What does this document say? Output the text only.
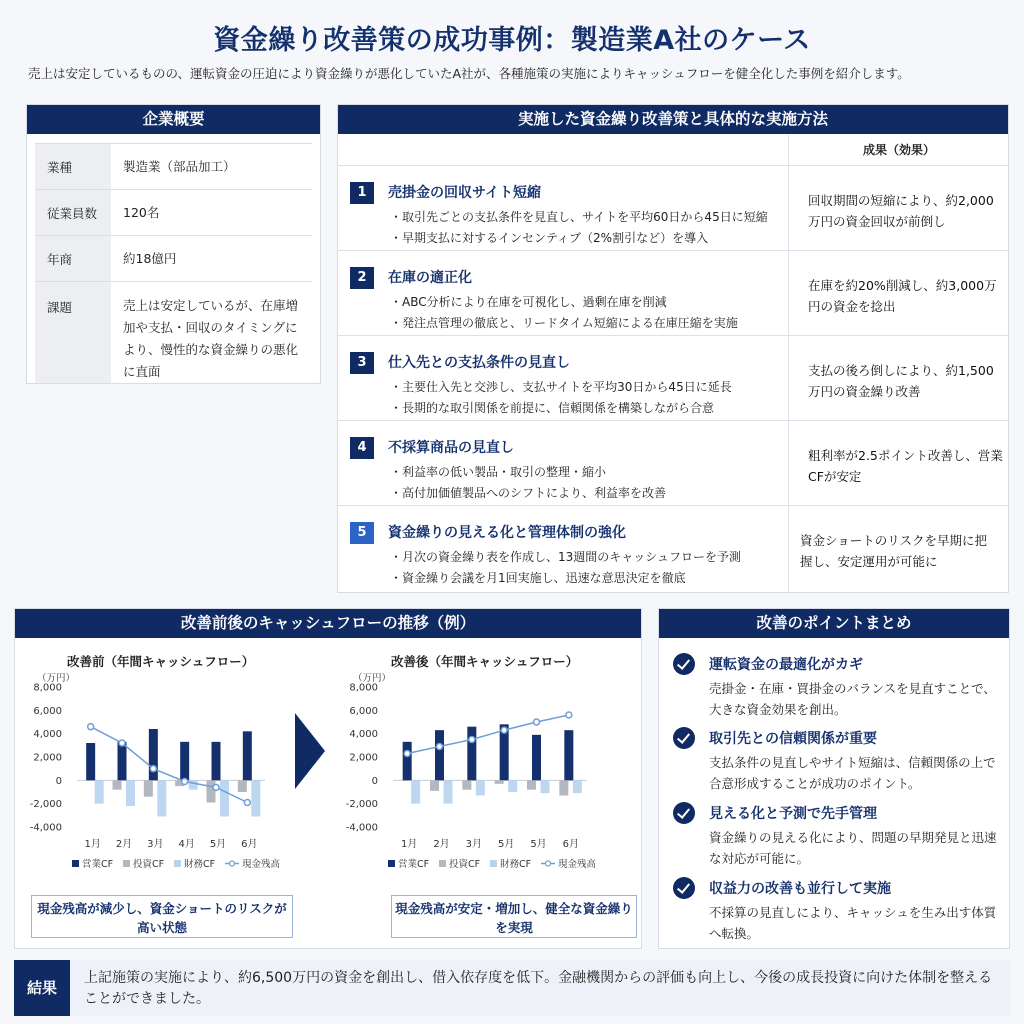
資金繰り改善策の成功事例：製造業A社のケース
売上は安定しているものの、運転資金の圧迫により資金繰りが悪化していたA社が、各種施策の実施によりキャッシュフローを健全化した事例を紹介します。
企業概要
業種	製造業（部品加工）
従業員数	120名
年商	約18億円
課題	売上は安定しているが、在庫増加や支払・回収のタイミングにより、慢性的な資金繰りの悪化に直面
実施した資金繰り改善策と具体的な実施方法
成果（効果）
1	売掛金の回収サイト短縮
・取引先ごとの支払条件を見直し、サイトを平均60日から45日に短縮
・早期支払に対するインセンティブ（2%割引など）を導入
回収期間の短縮により、約2,000万円の資金回収が前倒し
2	在庫の適正化
・ABC分析により在庫を可視化し、過剰在庫を削減
・発注点管理の徹底と、リードタイム短縮による在庫圧縮を実施
在庫を約20%削減し、約3,000万円の資金を捻出
3	仕入先との支払条件の見直し
・主要仕入先と交渉し、支払サイトを平均30日から45日に延長
・長期的な取引関係を前提に、信頼関係を構築しながら合意
支払の後ろ倒しにより、約1,500万円の資金繰り改善
4	不採算商品の見直し
・利益率の低い製品・取引の整理・縮小
・高付加価値製品へのシフトにより、利益率を改善
粗利率が2.5ポイント改善し、営業CFが安定
5	資金繰りの見える化と管理体制の強化
・月次の資金繰り表を作成し、13週間のキャッシュフローを予測
・資金繰り会議を月1回実施し、迅速な意思決定を徹底
資金ショートのリスクを早期に把握し、安定運用が可能に
改善前後のキャッシュフローの推移（例）
改善前（年間キャッシュフロー）
（万円）
8,000
6,000
4,000
2,000
0
-2,000
-4,000
1月 2月 3月 4月 5月 6月
営業CF 投資CF 財務CF	現金残高
現金残高が減少し、資金ショートのリスクが高い状態
改善後（年間キャッシュフロー）
（万円）
8,000
6,000
4,000
2,000
0
-2,000
-4,000
1月 2月 3月 5月 5月 6月
営業CF 投資CF 財務CF	現金残高
現金残高が安定・増加し、健全な資金繰りを実現
改善のポイントまとめ
運転資金の最適化がカギ
売掛金・在庫・買掛金のバランスを見直すことで、大きな資金効果を創出。
取引先との信頼関係が重要
支払条件の見直しやサイト短縮は、信頼関係の上で合意形成することが成功のポイント。
見える化と予測で先手管理
資金繰りの見える化により、問題の早期発見と迅速な対応が可能に。
収益力の改善も並行して実施
不採算の見直しにより、キャッシュを生み出す体質へ転換。
結果
上記施策の実施により、約6,500万円の資金を創出し、借入依存度を低下。金融機関からの評価も向上し、今後の成長投資に向けた体制を整えることができました。
